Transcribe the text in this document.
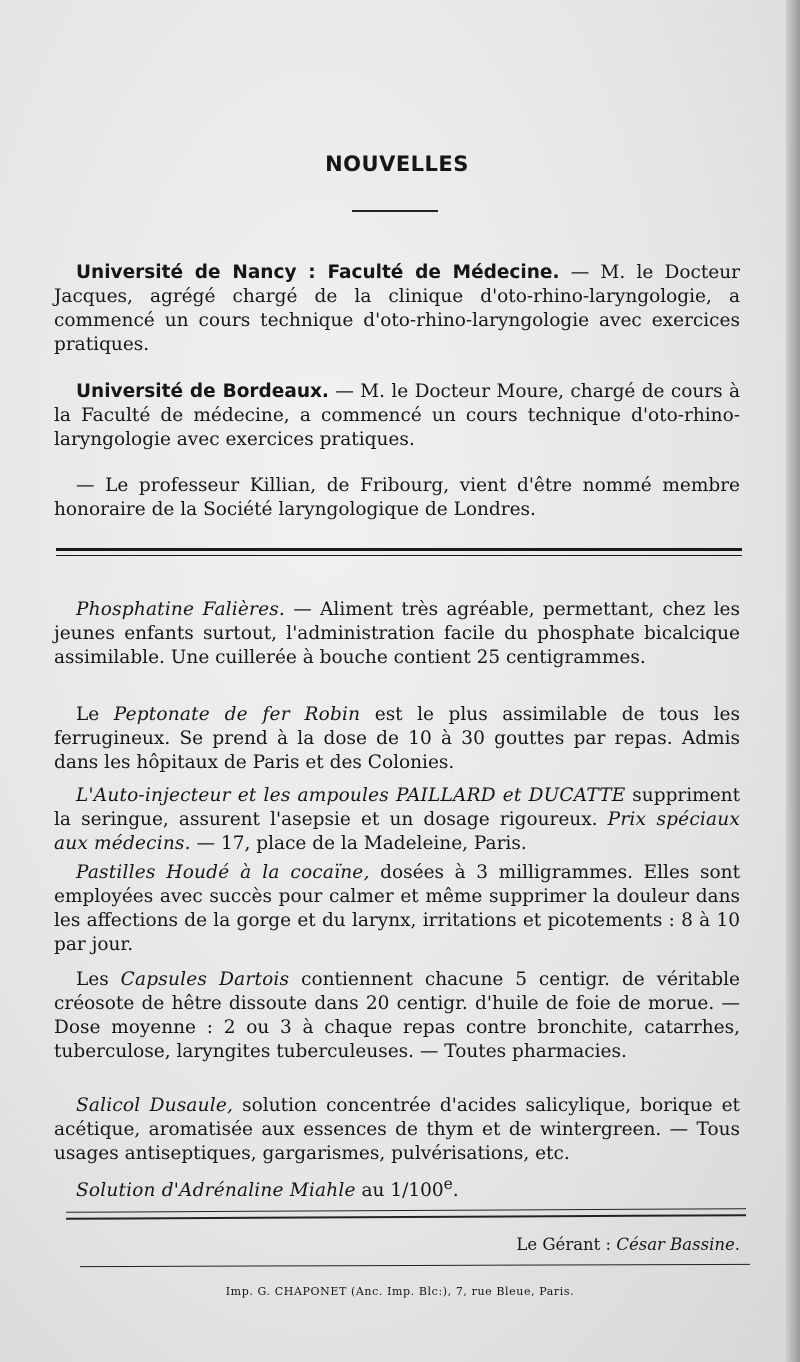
NOUVELLES

Université de Nancy : Faculté de Médecine. — M. le Docteur Jacques, agrégé chargé de la clinique d'oto-rhino-laryngologie, a commencé un cours technique d'oto-rhino-laryngologie avec exercices pratiques.

Université de Bordeaux. — M. le Docteur Moure, chargé de cours à la Faculté de médecine, a commencé un cours technique d'oto-rhino-laryngologie avec exercices pratiques.

— Le professeur Killian, de Fribourg, vient d'être nommé membre honoraire de la Société laryngologique de Londres.

Phosphatine Falières. — Aliment très agréable, permettant, chez les jeunes enfants surtout, l'administration facile du phosphate bicalcique assimilable. Une cuillerée à bouche contient 25 centigrammes.

Le Peptonate de fer Robin est le plus assimilable de tous les ferrugineux. Se prend à la dose de 10 à 30 gouttes par repas. Admis dans les hôpitaux de Paris et des Colonies.

L'Auto-injecteur et les ampoules PAILLARD et DUCATTE suppriment la seringue, assurent l'asepsie et un dosage rigoureux. Prix spéciaux aux médecins. — 17, place de la Madeleine, Paris.

Pastilles Houdé à la cocaïne, dosées à 3 milligrammes. Elles sont employées avec succès pour calmer et même supprimer la douleur dans les affections de la gorge et du larynx, irritations et picotements : 8 à 10 par jour.

Les Capsules Dartois contiennent chacune 5 centigr. de véritable créosote de hêtre dissoute dans 20 centigr. d'huile de foie de morue. — Dose moyenne : 2 ou 3 à chaque repas contre bronchite, catarrhes, tuberculose, laryngites tuberculeuses. — Toutes pharmacies.

Salicol Dusaule, solution concentrée d'acides salicylique, borique et acétique, aromatisée aux essences de thym et de wintergreen. — Tous usages antiseptiques, gargarismes, pulvérisations, etc.

Solution d'Adrénaline Miahle au 1/100e.

Le Gérant : César Bassine.
Imp. G. CHAPONET (Anc. Imp. Blc:), 7, rue Bleue, Paris.
